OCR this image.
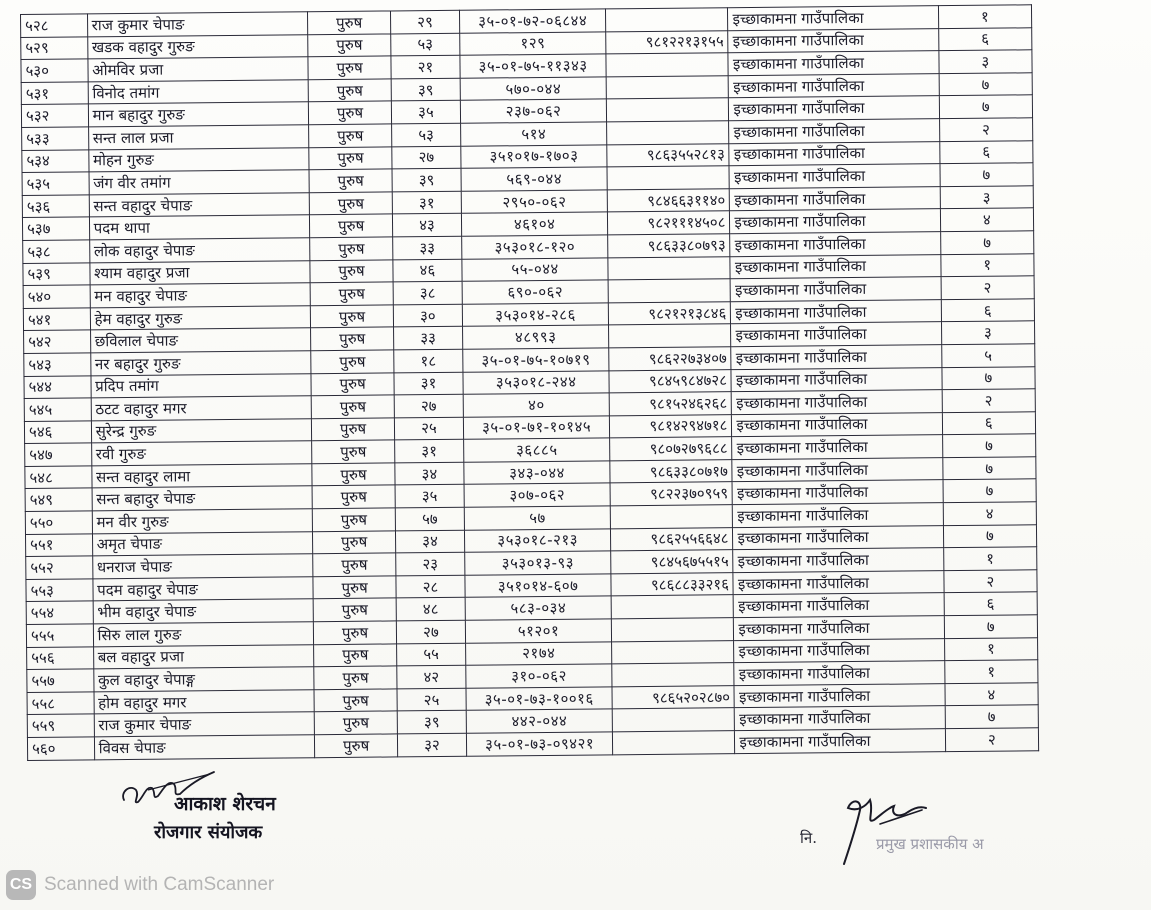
५२८	राज कुमार चेपाङ	पुरुष	२९	३५-०१-७२-०६८४४		इच्छाकामना गाउँपालिका	१
५२९	खडक वहादुर गुरुङ	पुरुष	५३	१२९	९८१२२१३१५५	इच्छाकामना गाउँपालिका	६
५३०	ओमविर प्रजा	पुरुष	२१	३५-०१-७५-११३४३		इच्छाकामना गाउँपालिका	३
५३१	विनोद तमांग	पुरुष	३९	५७०-०४४		इच्छाकामना गाउँपालिका	७
५३२	मान बहादुर गुरुङ	पुरुष	३५	२३७-०६२		इच्छाकामना गाउँपालिका	७
५३३	सन्त लाल प्रजा	पुरुष	५३	५१४		इच्छाकामना गाउँपालिका	२
५३४	मोहन गुरुङ	पुरुष	२७	३५१०१७-१७०३	९८६३५५२८१३	इच्छाकामना गाउँपालिका	६
५३५	जंग वीर तमांग	पुरुष	३९	५६९-०४४		इच्छाकामना गाउँपालिका	७
५३६	सन्त वहादुर चेपाङ	पुरुष	३१	२९५०-०६२	९८४६६३११४०	इच्छाकामना गाउँपालिका	३
५३७	पदम थापा	पुरुष	४३	४६१०४	९८२१११४५०८	इच्छाकामना गाउँपालिका	४
५३८	लोक वहादुर चेपाङ	पुरुष	३३	३५३०१८-१२०	९८६३३८०७९३	इच्छाकामना गाउँपालिका	७
५३९	श्याम वहादुर प्रजा	पुरुष	४६	५५-०४४		इच्छाकामना गाउँपालिका	१
५४०	मन वहादुर चेपाङ	पुरुष	३८	६९०-०६२		इच्छाकामना गाउँपालिका	२
५४१	हेम वहादुर गुरुङ	पुरुष	३०	३५३०१४-२८६	९८२१२१३८४६	इच्छाकामना गाउँपालिका	६
५४२	छविलाल चेपाङ	पुरुष	३३	४८९९३		इच्छाकामना गाउँपालिका	३
५४३	नर बहादुर गुरुङ	पुरुष	१८	३५-०१-७५-१०७१९	९८६२२७३४०७	इच्छाकामना गाउँपालिका	५
५४४	प्रदिप तमांग	पुरुष	३१	३५३०१८-२४४	९८४५९८४७२८	इच्छाकामना गाउँपालिका	७
५४५	ठटट वहादुर मगर	पुरुष	२७	४०	९८१५२४६२६८	इच्छाकामना गाउँपालिका	२
५४६	सुरेन्द्र गुरुङ	पुरुष	२५	३५-०१-७१-१०१४५	९८१४२९४७१८	इच्छाकामना गाउँपालिका	६
५४७	रवी गुरुङ	पुरुष	३१	३६८८५	९८०७२७९६८८	इच्छाकामना गाउँपालिका	७
५४८	सन्त वहादुर लामा	पुरुष	३४	३४३-०४४	९८६३३८०७१७	इच्छाकामना गाउँपालिका	७
५४९	सन्त बहादुर चेपाङ	पुरुष	३५	३०७-०६२	९८२२३७०९५९	इच्छाकामना गाउँपालिका	७
५५०	मन वीर गुरुङ	पुरुष	५७	५७		इच्छाकामना गाउँपालिका	४
५५१	अमृत चेपाङ	पुरुष	३४	३५३०१८-२१३	९८६२५५६६४८	इच्छाकामना गाउँपालिका	७
५५२	धनराज चेपाङ	पुरुष	२३	३५३०१३-९३	९८४५६७५५१५	इच्छाकामना गाउँपालिका	१
५५३	पदम वहादुर चेपाङ	पुरुष	२८	३५१०१४-६०७	९८६८८३३२१६	इच्छाकामना गाउँपालिका	२
५५४	भीम वहादुर चेपाङ	पुरुष	४८	५८३-०३४		इच्छाकामना गाउँपालिका	६
५५५	सिरु लाल गुरुङ	पुरुष	२७	५१२०१		इच्छाकामना गाउँपालिका	७
५५६	बल वहादुर प्रजा	पुरुष	५५	२१७४		इच्छाकामना गाउँपालिका	१
५५७	कुल वहादुर चेपाङ्ग	पुरुष	४२	३१०-०६२		इच्छाकामना गाउँपालिका	१
५५८	होम वहादुर मगर	पुरुष	२५	३५-०१-७३-१००१६	९८६५२०२८७०	इच्छाकामना गाउँपालिका	४
५५९	राज कुमार चेपाङ	पुरुष	३९	४४२-०४४		इच्छाकामना गाउँपालिका	७
५६०	विवस चेपाङ	पुरुष	३२	३५-०१-७३-०९४२१		इच्छाकामना गाउँपालिका	२
आकाश शेरचन
रोजगार संयोजक	नि.	प्रमुख प्रशासकीय अ
CS Scanned with CamScanner
